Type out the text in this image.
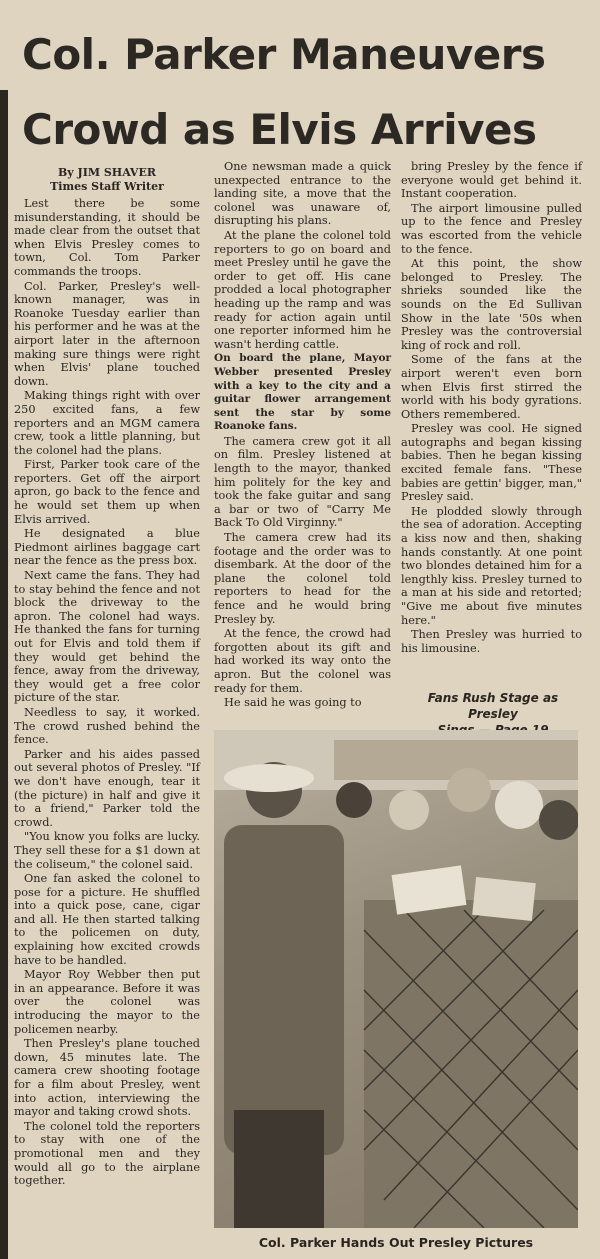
Col. Parker Maneuvers
Crowd as Elvis Arrives
By JIM SHAVER
Times Staff Writer

Lest there be some misunderstanding, it should be made clear from the outset that when Elvis Presley comes to town, Col. Tom Parker commands the troops.

Col. Parker, Presley's well-known manager, was in Roanoke Tuesday earlier than his performer and he was at the airport later in the afternoon making sure things were right when Elvis' plane touched down.

Making things right with over 250 excited fans, a few reporters and an MGM camera crew, took a little planning, but the colonel had the plans.

First, Parker took care of the reporters. Get off the airport apron, go back to the fence and he would set them up when Elvis arrived.

He designated a blue Piedmont airlines baggage cart near the fence as the press box.

Next came the fans. They had to stay behind the fence and not block the driveway to the apron. The colonel had ways. He thanked the fans for turning out for Elvis and told them if they would get behind the fence, away from the driveway, they would get a free color picture of the star.

Needless to say, it worked. The crowd rushed behind the fence.

Parker and his aides passed out several photos of Presley. "If we don't have enough, tear it (the picture) in half and give it to a friend," Parker told the crowd.

"You know you folks are lucky. They sell these for a $1 down at the coliseum," the colonel said.

One fan asked the colonel to pose for a picture. He shuffled into a quick pose, cane, cigar and all. He then started talking to the policemen on duty, explaining how excited crowds have to be handled.

Mayor Roy Webber then put in an appearance. Before it was over the colonel was introducing the mayor to the policemen nearby.

Then Presley's plane touched down, 45 minutes late. The camera crew shooting footage for a film about Presley, went into action, interviewing the mayor and taking crowd shots.

The colonel told the reporters to stay with one of the promotional men and they would all go to the airplane together.

One newsman made a quick unexpected entrance to the landing site, a move that the colonel was unaware of, disrupting his plans.

At the plane the colonel told reporters to go on board and meet Presley until he gave the order to get off. His cane prodded a local photographer heading up the ramp and was ready for action again until one reporter informed him he wasn't herding cattle.

On board the plane, Mayor Webber presented Presley with a key to the city and a guitar flower arrangement sent the star by some Roanoke fans.

The camera crew got it all on film. Presley listened at length to the mayor, thanked him politely for the key and took the fake guitar and sang a bar or two of "Carry Me Back To Old Virginny."

The camera crew had its footage and the order was to disembark. At the door of the plane the colonel told reporters to head for the fence and he would bring Presley by.

At the fence, the crowd had forgotten about its gift and had worked its way onto the apron. But the colonel was ready for them.

He said he was going to

bring Presley by the fence if everyone would get behind it. Instant cooperation.

The airport limousine pulled up to the fence and Presley was escorted from the vehicle to the fence.

At this point, the show belonged to Presley. The shrieks sounded like the sounds on the Ed Sullivan Show in the late '50s when Presley was the controversial king of rock and roll.

Some of the fans at the airport weren't even born when Elvis first stirred the world with his body gyrations. Others remembered.

Presley was cool. He signed autographs and began kissing babies. Then he began kissing excited female fans. "These babies are gettin' bigger, man," Presley said.

He plodded slowly through the sea of adoration. Accepting a kiss now and then, shaking hands constantly. At one point two blondes detained him for a lengthly kiss. Presley turned to a man at his side and retorted; "Give me about five minutes here."

Then Presley was hurried to his limousine.

Fans Rush Stage as Presley
Col. Parker Hands Out Presley Pictures
